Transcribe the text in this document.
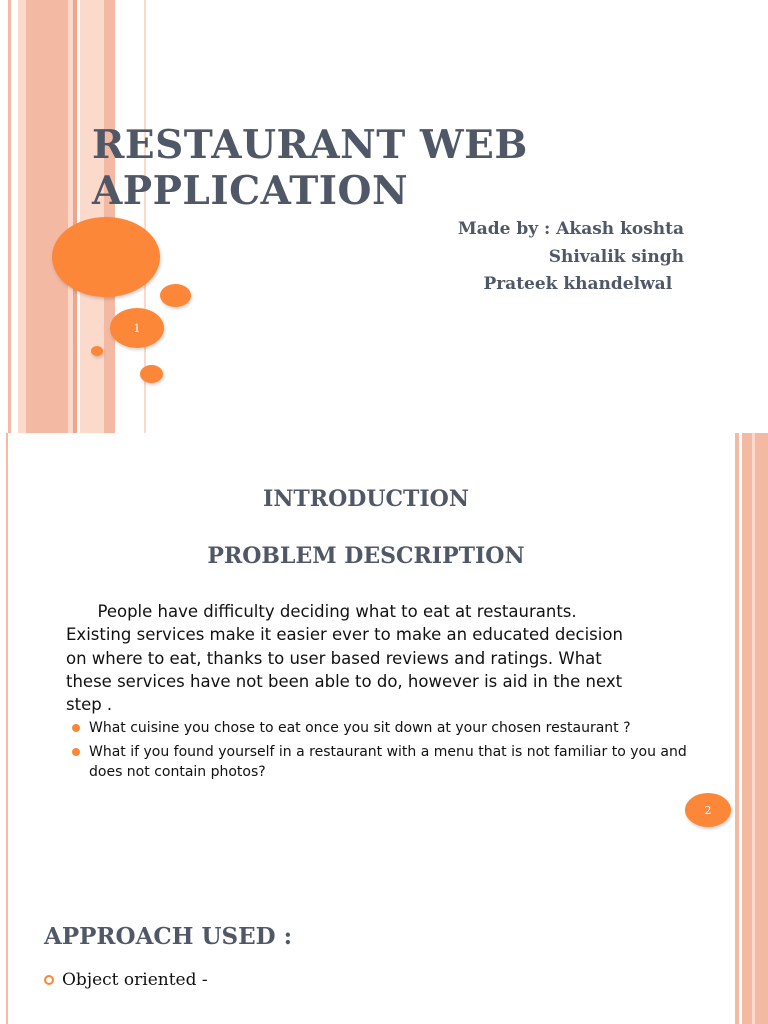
RESTAURANT WEB
APPLICATION
Made by : Akash koshta
Shivalik singh
Prateek khandelwal
1
INTRODUCTION
PROBLEM DESCRIPTION

People have difficulty deciding what to eat at restaurants.
Existing services make it easier ever to make an educated decision
on where to eat, thanks to user based reviews and ratings. What
these services have not been able to do, however is aid in the next
step .

What cuisine you chose to eat once you sit down at your chosen restaurant ?
What if you found yourself in a restaurant with a menu that is not familiar to you and does not contain photos?
2
APPROACH USED :
Object oriented -
